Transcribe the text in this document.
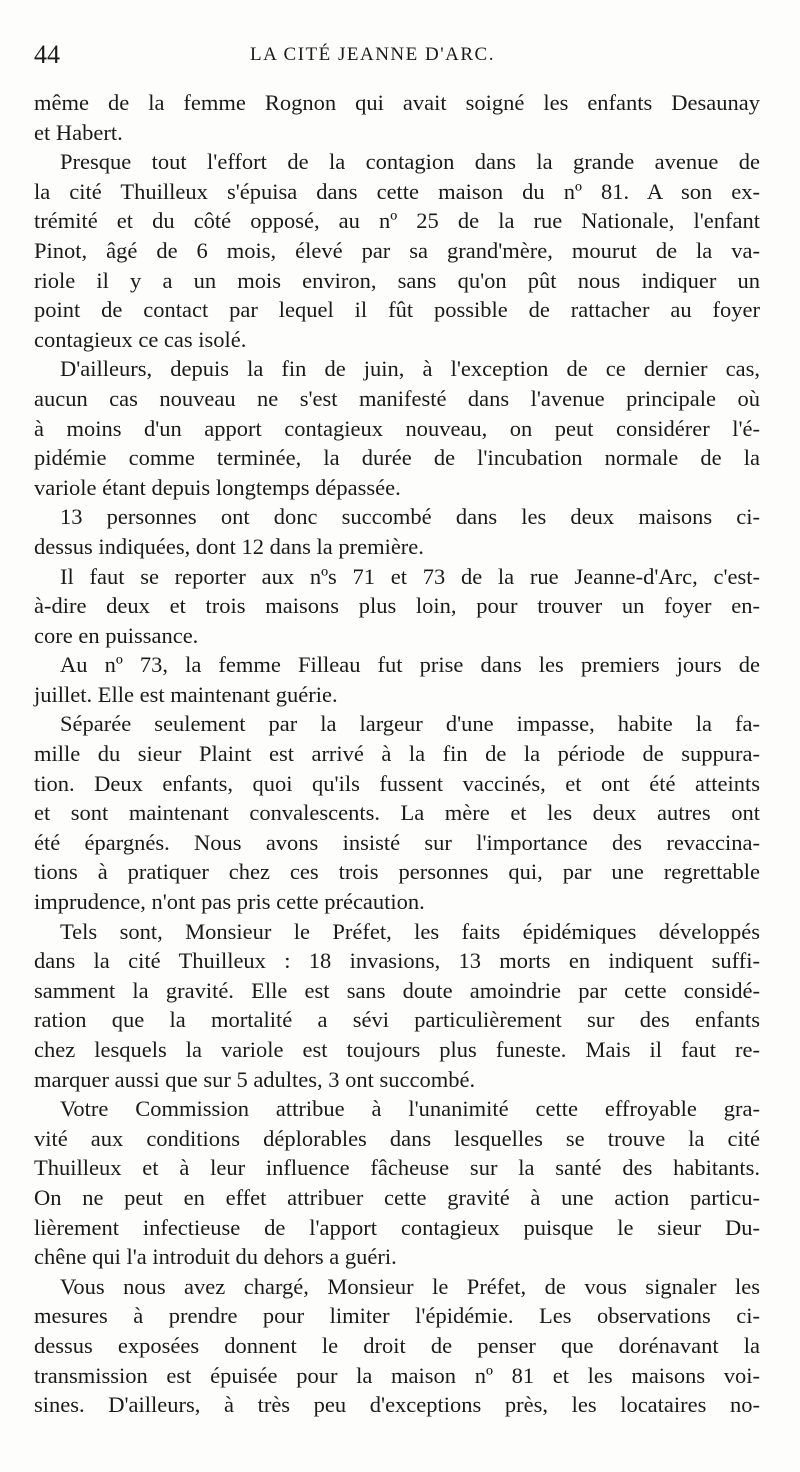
44	LA CITÉ JEANNE D'ARC.
même de la femme Rognon qui avait soigné les enfants Desaunay
et Habert.
Presque tout l'effort de la contagion dans la grande avenue de
la cité Thuilleux s'épuisa dans cette maison du nº 81. A son ex-
trémité et du côté opposé, au nº 25 de la rue Nationale, l'enfant
Pinot, âgé de 6 mois, élevé par sa grand'mère, mourut de la va-
riole il y a un mois environ, sans qu'on pût nous indiquer un
point de contact par lequel il fût possible de rattacher au foyer
contagieux ce cas isolé.
D'ailleurs, depuis la fin de juin, à l'exception de ce dernier cas,
aucun cas nouveau ne s'est manifesté dans l'avenue principale où
à moins d'un apport contagieux nouveau, on peut considérer l'é-
pidémie comme terminée, la durée de l'incubation normale de la
variole étant depuis longtemps dépassée.
13 personnes ont donc succombé dans les deux maisons ci-
dessus indiquées, dont 12 dans la première.
Il faut se reporter aux nºs 71 et 73 de la rue Jeanne-d'Arc, c'est-
à-dire deux et trois maisons plus loin, pour trouver un foyer en-
core en puissance.
Au nº 73, la femme Filleau fut prise dans les premiers jours de
juillet. Elle est maintenant guérie.
Séparée seulement par la largeur d'une impasse, habite la fa-
mille du sieur Plaint est arrivé à la fin de la période de suppura-
tion. Deux enfants, quoi qu'ils fussent vaccinés, et ont été atteints
et sont maintenant convalescents. La mère et les deux autres ont
été épargnés. Nous avons insisté sur l'importance des revaccina-
tions à pratiquer chez ces trois personnes qui, par une regrettable
imprudence, n'ont pas pris cette précaution.
Tels sont, Monsieur le Préfet, les faits épidémiques développés
dans la cité Thuilleux : 18 invasions, 13 morts en indiquent suffi-
samment la gravité. Elle est sans doute amoindrie par cette considé-
ration que la mortalité a sévi particulièrement sur des enfants
chez lesquels la variole est toujours plus funeste. Mais il faut re-
marquer aussi que sur 5 adultes, 3 ont succombé.
Votre Commission attribue à l'unanimité cette effroyable gra-
vité aux conditions déplorables dans lesquelles se trouve la cité
Thuilleux et à leur influence fâcheuse sur la santé des habitants.
On ne peut en effet attribuer cette gravité à une action particu-
lièrement infectieuse de l'apport contagieux puisque le sieur Du-
chêne qui l'a introduit du dehors a guéri.
Vous nous avez chargé, Monsieur le Préfet, de vous signaler les
mesures à prendre pour limiter l'épidémie. Les observations ci-
dessus exposées donnent le droit de penser que dorénavant la
transmission est épuisée pour la maison nº 81 et les maisons voi-
sines. D'ailleurs, à très peu d'exceptions près, les locataires no-
